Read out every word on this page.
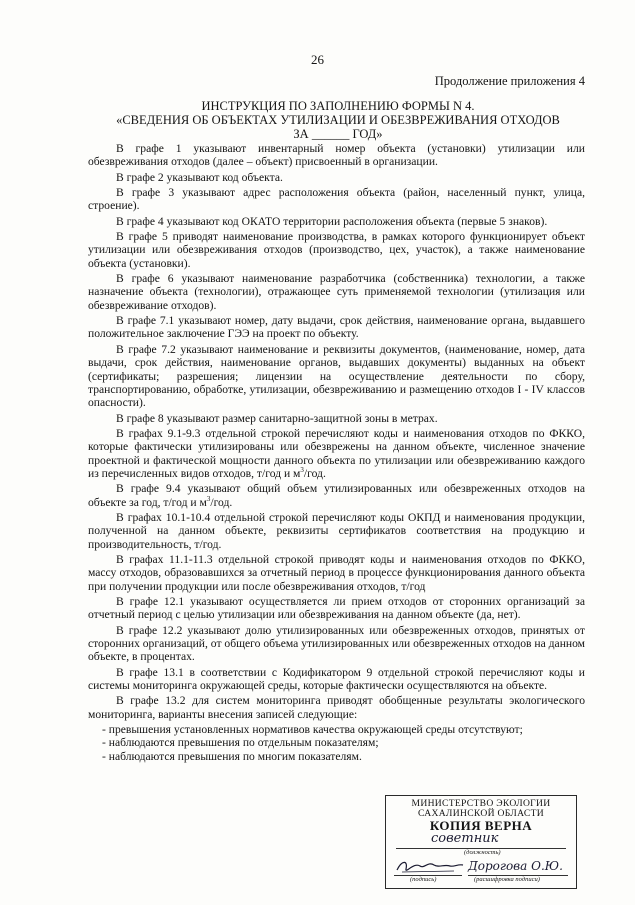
26
Продолжение приложения 4
ИНСТРУКЦИЯ ПО ЗАПОЛНЕНИЮ ФОРМЫ N 4.
«СВЕДЕНИЯ ОБ ОБЪЕКТАХ УТИЛИЗАЦИИ И ОБЕЗВРЕЖИВАНИЯ ОТХОДОВ
ЗА ______ ГОД»

В графе 1 указывают инвентарный номер объекта (установки) утилизации или обезвреживания отходов (далее – объект) присвоенный в организации.

В графе 2 указывают код объекта.

В графе 3 указывают адрес расположения объекта (район, населенный пункт, улица, строение).

В графе 4 указывают код ОКАТО территории расположения объекта (первые 5 знаков).

В графе 5 приводят наименование производства, в рамках которого функционирует объект утилизации или обезвреживания отходов (производство, цех, участок), а также наименование объекта (установки).

В графе 6 указывают наименование разработчика (собственника) технологии, а также назначение объекта (технологии), отражающее суть применяемой технологии (утилизация или обезвреживание отходов).

В графе 7.1 указывают номер, дату выдачи, срок действия, наименование органа, выдавшего положительное заключение ГЭЭ на проект по объекту.

В графе 7.2 указывают наименование и реквизиты документов, (наименование, номер, дата выдачи, срок действия, наименование органов, выдавших документы) выданных на объект (сертификаты; разрешения; лицензии на осуществление деятельности по сбору, транспортированию, обработке, утилизации, обезвреживанию и размещению отходов I - IV классов опасности).

В графе 8 указывают размер санитарно-защитной зоны в метрах.

В графах 9.1-9.3 отдельной строкой перечисляют коды и наименования отходов по ФККО, которые фактически утилизированы или обезврежены на данном объекте, численное значение проектной и фактической мощности данного объекта по утилизации или обезвреживанию каждого из перечисленных видов отходов, т/год и $м^3$/год.

В графе 9.4 указывают общий объем утилизированных или обезвреженных отходов на объекте за год, т/год и $м^3$/год.

В графах 10.1-10.4 отдельной строкой перечисляют коды ОКПД и наименования продукции, полученной на данном объекте, реквизиты сертификатов соответствия на продукцию и производительность, т/год.

В графах 11.1-11.3 отдельной строкой приводят коды и наименования отходов по ФККО, массу отходов, образовавшихся за отчетный период в процессе функционирования данного объекта при получении продукции или после обезвреживания отходов, т/год

В графе 12.1 указывают осуществляется ли прием отходов от сторонних организаций за отчетный период с целью утилизации или обезвреживания на данном объекте (да, нет).

В графе 12.2 указывают долю утилизированных или обезвреженных отходов, принятых от сторонних организаций, от общего объема утилизированных или обезвреженных отходов на данном объекте, в процентах.

В графе 13.1 в соответствии с Кодификатором 9 отдельной строкой перечисляют коды и системы мониторинга окружающей среды, которые фактически осуществляются на объекте.

В графе 13.2 для систем мониторинга приводят обобщенные результаты экологического мониторинга, варианты внесения записей следующие:

- превышения установленных нормативов качества окружающей среды отсутствуют;

- наблюдаются превышения по отдельным показателям;

- наблюдаются превышения по многим показателям.

МИНИСТЕРСТВО ЭКОЛОГИИ
САХАЛИНСКОЙ ОБЛАСТИ
КОПИЯ ВЕРНА
советник
(должность)
Дорогова О.Ю.
(подпись)	(расшифровка подписи)
